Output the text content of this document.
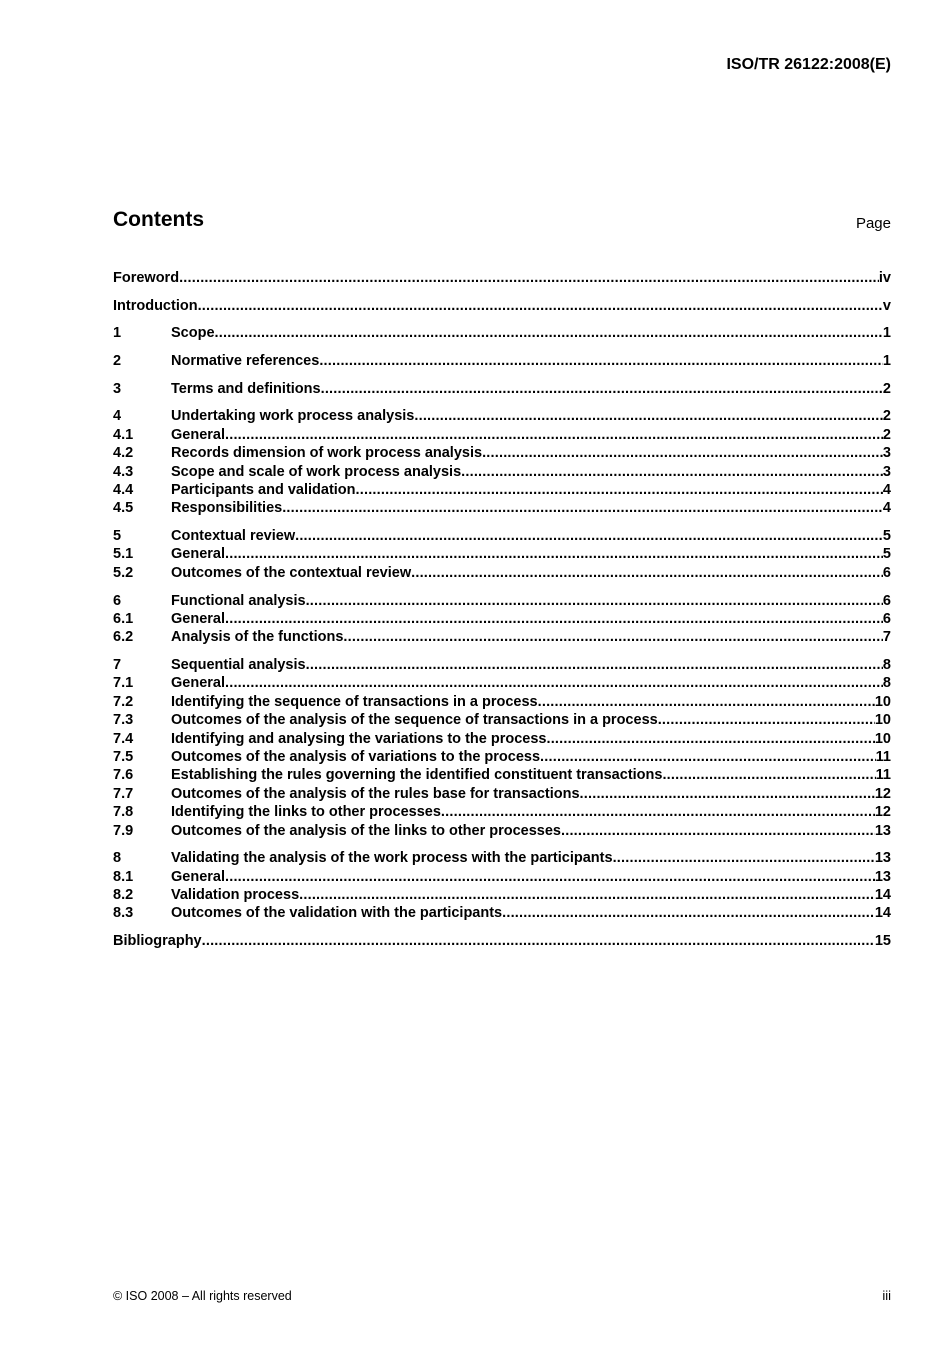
ISO/TR 26122:2008(E)
Contents	Page
Foreword .....	iv
Introduction .....	v
1	Scope .....	1
2	Normative references .....	1
3	Terms and definitions .....	2
4	Undertaking work process analysis .....	2
4.1	General .....	2
4.2	Records dimension of work process analysis .....	3
4.3	Scope and scale of work process analysis .....	3
4.4	Participants and validation .....	4
4.5	Responsibilities .....	4
5	Contextual review .....	5
5.1	General .....	5
5.2	Outcomes of the contextual review .....	6
6	Functional analysis .....	6
6.1	General .....	6
6.2	Analysis of the functions .....	7
7	Sequential analysis .....	8
7.1	General .....	8
7.2	Identifying the sequence of transactions in a process .....	10
7.3	Outcomes of the analysis of the sequence of transactions in a process .....	10
7.4	Identifying and analysing the variations to the process .....	10
7.5	Outcomes of the analysis of variations to the process .....	11
7.6	Establishing the rules governing the identified constituent transactions .....	11
7.7	Outcomes of the analysis of the rules base for transactions .....	12
7.8	Identifying the links to other processes .....	12
7.9	Outcomes of the analysis of the links to other processes .....	13
8	Validating the analysis of the work process with the participants .....	13
8.1	General .....	13
8.2	Validation process .....	14
8.3	Outcomes of the validation with the participants .....	14
Bibliography .....	15
© ISO 2008 – All rights reserved	iii
